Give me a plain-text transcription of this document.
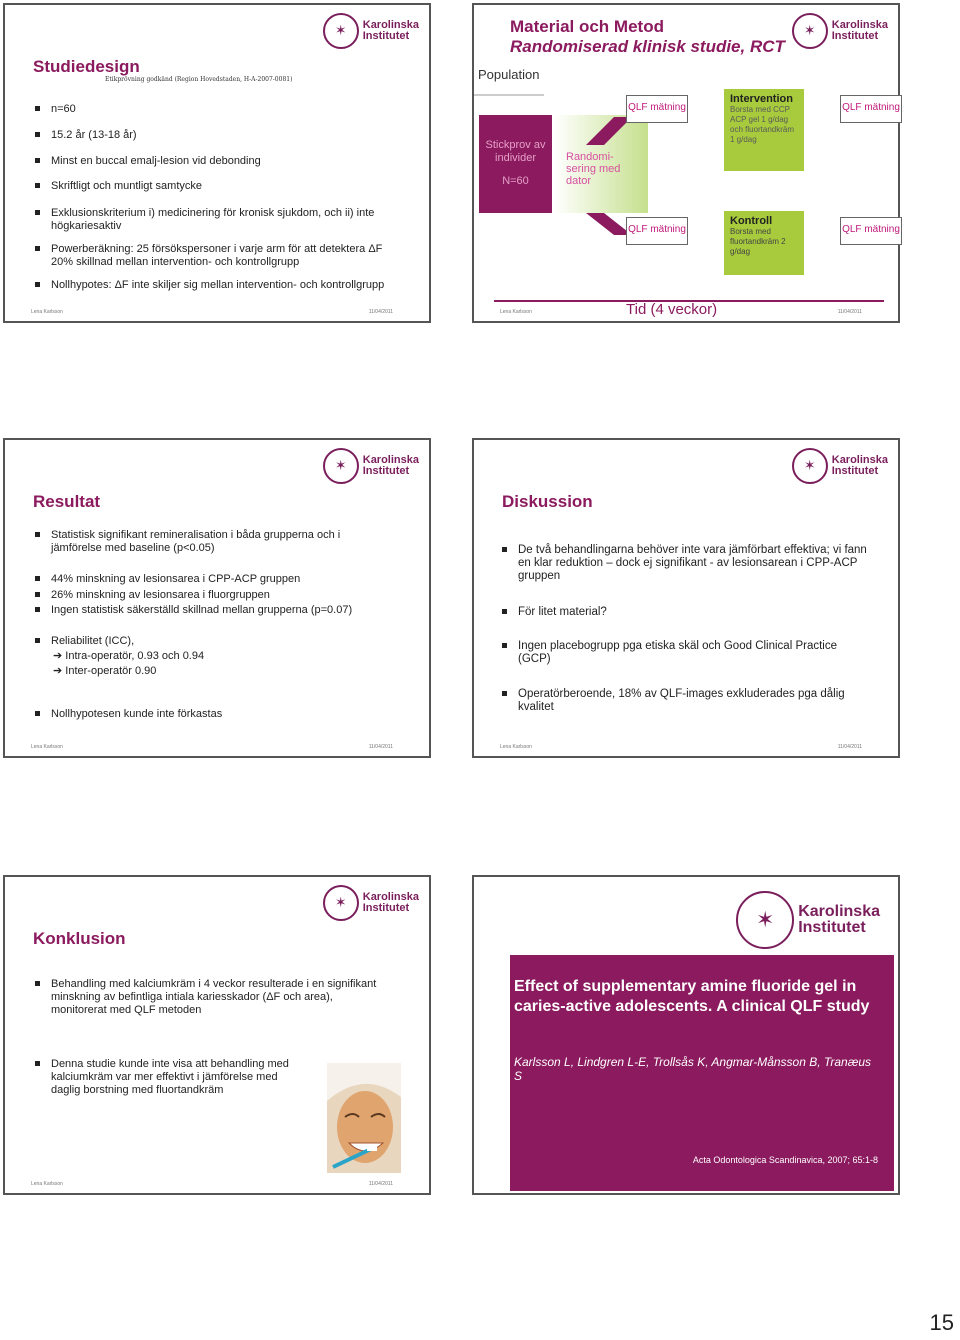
✶	Karolinska
Institutet
Studiedesign
Etikprövning godkänd (Region Hovedstaden, H-A-2007-0081)
n=60
15.2 år (13-18 år)
Minst en buccal emalj-lesion vid debonding
Skriftligt och muntligt samtycke
Exklusionskriterium i) medicinering för kronisk sjukdom, och ii) inte högkariesaktiv
Powerberäkning: 25 försökspersoner i varje arm för att detektera ΔF 20% skillnad mellan intervention- och kontrollgrupp
Nollhypotes: ΔF inte skiljer sig mellan intervention- och kontrollgrupp
Lena Karlsson	11/04/2011
✶	Karolinska
Institutet
Material och Metod
Randomiserad klinisk studie, RCT
Population
Stickprov av individer
N=60
Randomi-sering med dator
QLF mätning
QLF mätning
QLF mätning
QLF mätning
Intervention
Borsta med CCP ACP gel 1 g/dag och fluortandkräm 1 g/dag
Kontroll
Borsta med fluortandkräm 2 g/dag
Tid (4 veckor)
Lena Karlsson	11/04/2011
✶	Karolinska
Institutet
Resultat
Statistisk signifikant remineralisation i båda grupperna och i jämförelse med baseline (p<0.05)
44% minskning av lesionsarea i CPP-ACP gruppen
26% minskning av lesionsarea i fluorgruppen
Ingen statistisk säkerställd skillnad mellan grupperna (p=0.07)
Reliabilitet (ICC),
➔ Intra-operatör, 0.93 och 0.94
➔ Inter-operatör 0.90
Nollhypotesen kunde inte förkastas
Lena Karlsson	11/04/2011
✶	Karolinska
Institutet
Diskussion
De två behandlingarna behöver inte vara jämförbart effektiva; vi fann en klar reduktion – dock ej signifikant - av lesionsarean i CPP-ACP gruppen
För litet material?
Ingen placebogrupp pga etiska skäl och Good Clinical Practice (GCP)
Operatörberoende, 18% av QLF-images exkluderades pga dålig kvalitet
Lena Karlsson	11/04/2011
✶	Karolinska
Institutet
Konklusion
Behandling med kalciumkräm i 4 veckor resulterade i en signifikant minskning av befintliga intiala kariesskador (ΔF och area), monitorerat med QLF metoden
Denna studie kunde inte visa att behandling med kalciumkräm var mer effektivt i jämförelse med daglig borstning med fluortandkräm
Lena Karlsson	11/04/2011
✶	Karolinska
Institutet
Effect of supplementary amine fluoride gel in caries-active adolescents. A clinical QLF study
Karlsson L, Lindgren L-E, Trollsås K, Angmar-Månsson B, Tranæus S
Acta Odontologica Scandinavica, 2007; 65:1-8
15
